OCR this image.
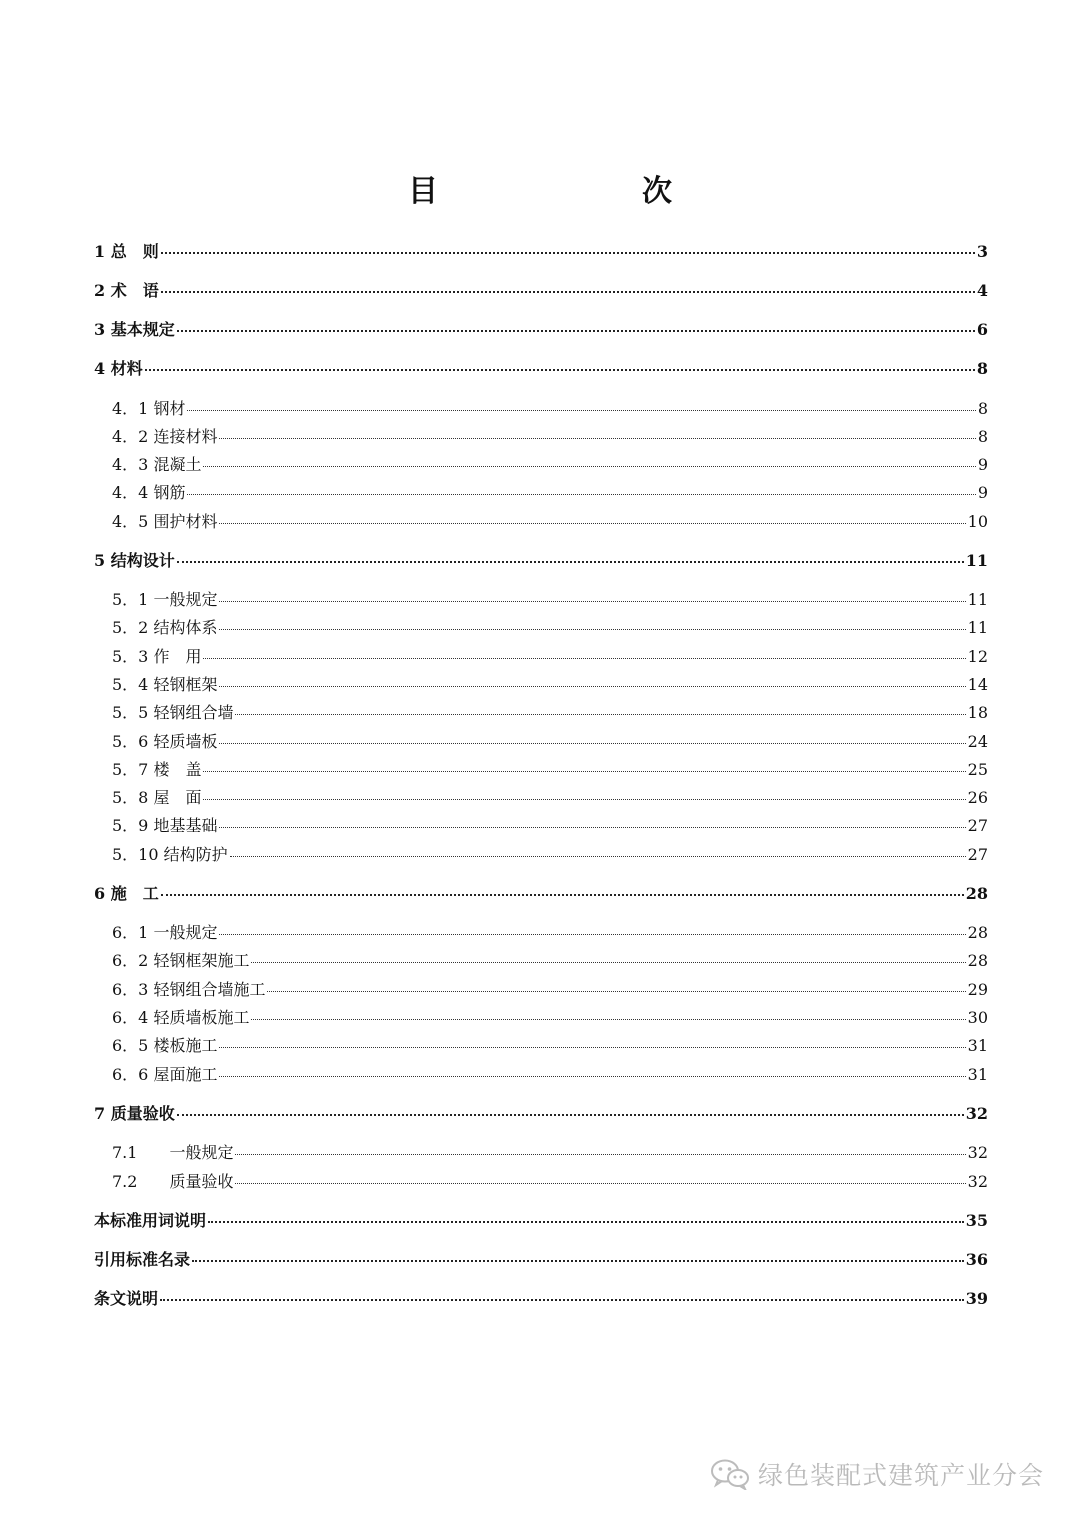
目　　次
1 总　则	3
2 术　语	4
3 基本规定	6
4 材料	8
4．1 钢材	8
4．2 连接材料	8
4．3 混凝土	9
4．4 钢筋	9
4．5 围护材料	10
5 结构设计	11
5．1 一般规定	11
5．2 结构体系	11
5．3 作　用	12
5．4 轻钢框架	14
5．5 轻钢组合墙	18
5．6 轻质墙板	24
5．7 楼　盖	25
5．8 屋　面	26
5．9 地基基础	27
5．10 结构防护	27
6 施　工	28
6．1 一般规定	28
6．2 轻钢框架施工	28
6．3 轻钢组合墙施工	29
6．4 轻质墙板施工	30
6．5 楼板施工	31
6．6 屋面施工	31
7 质量验收	32
7.1　　一般规定	32
7.2　　质量验收	32
本标准用词说明	35
引用标准名录	36
条文说明	39
绿色装配式建筑产业分会
